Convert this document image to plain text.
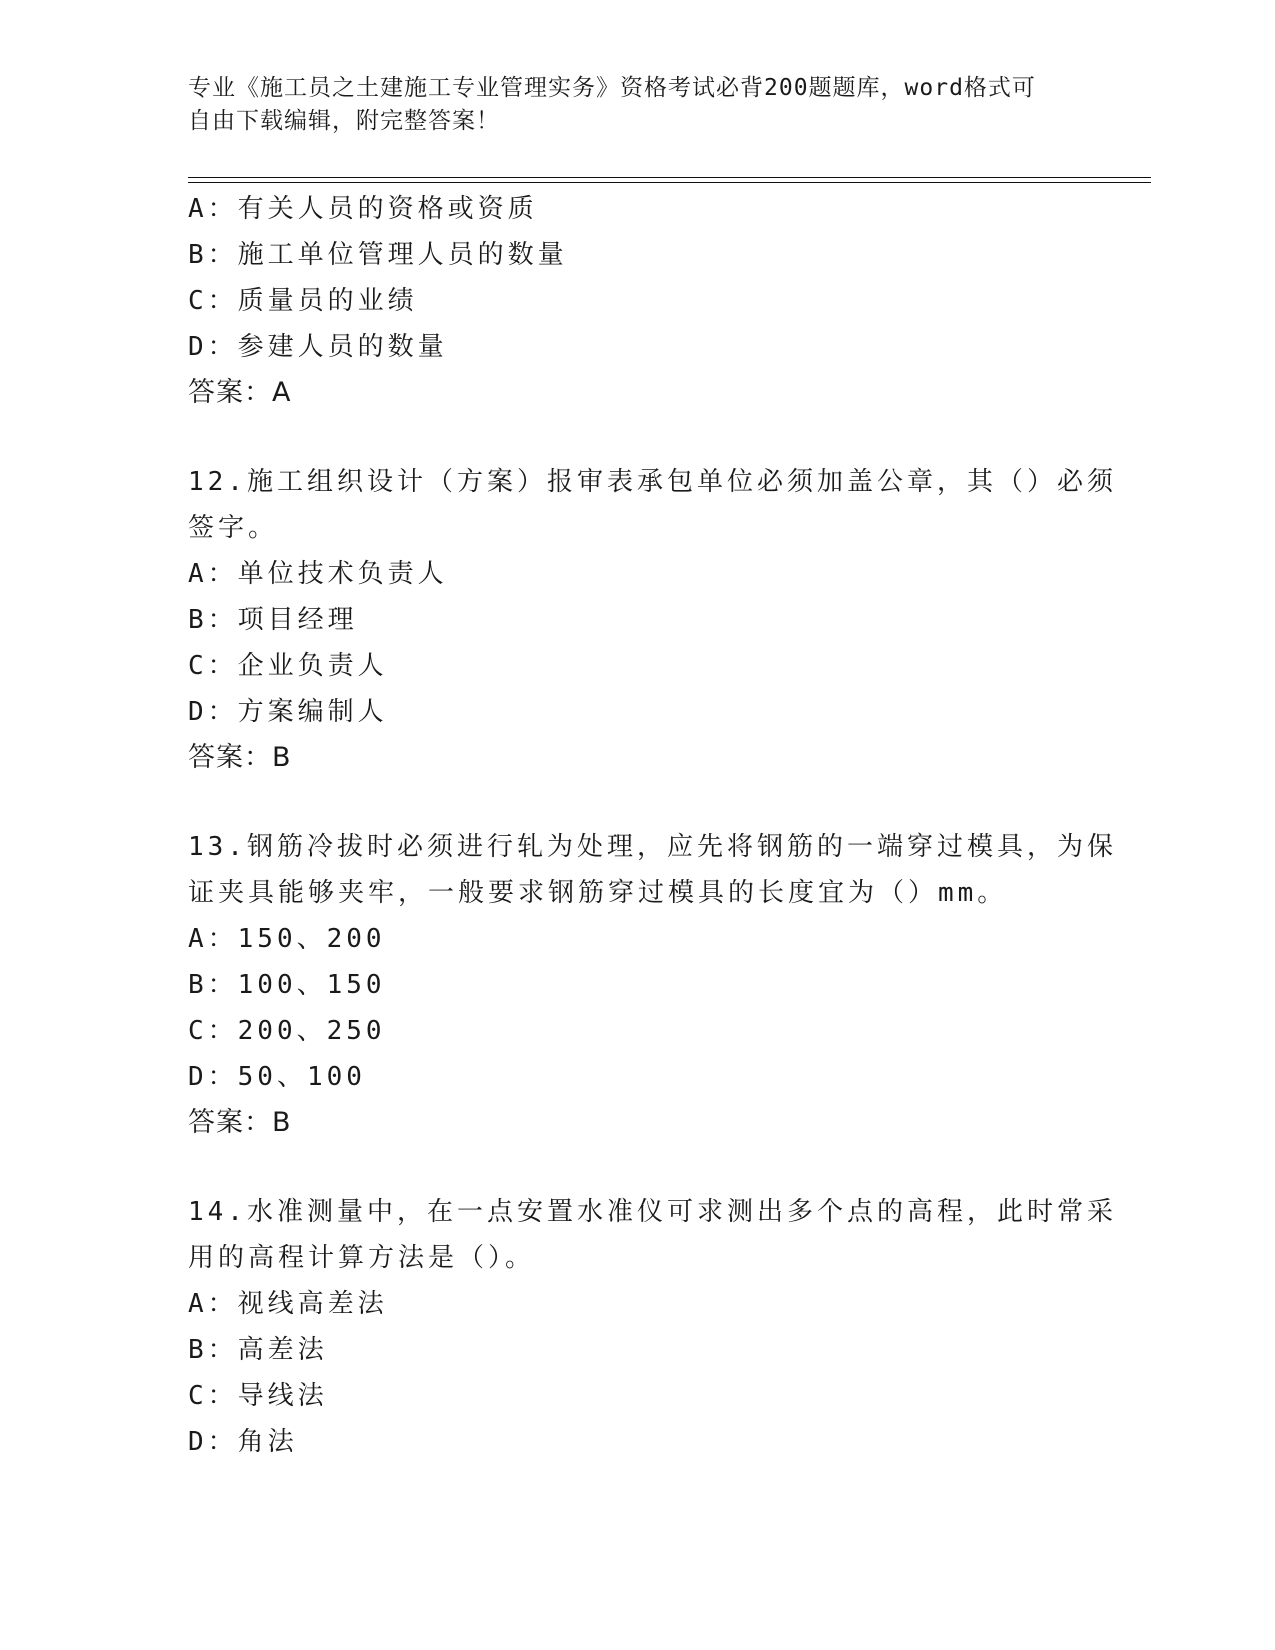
专业《施工员之土建施工专业管理实务》资格考试必背200题题库，word格式可
自由下载编辑，附完整答案！
A：有关人员的资格或资质
B：施工单位管理人员的数量
C：质量员的业绩
D：参建人员的数量
答案：A
12.施工组织设计（方案）报审表承包单位必须加盖公章，其（）必须
签字。
A：单位技术负责人
B：项目经理
C：企业负责人
D：方案编制人
答案：B
13.钢筋冷拔时必须进行轧为处理，应先将钢筋的一端穿过模具，为保
证夹具能够夹牢，一般要求钢筋穿过模具的长度宜为（）mm。
A：150、200
B：100、150
C：200、250
D：50、100
答案：B
14.水准测量中，在一点安置水准仪可求测出多个点的高程，此时常采
用的高程计算方法是（）。
A：视线高差法
B：高差法
C：导线法
D：角法
